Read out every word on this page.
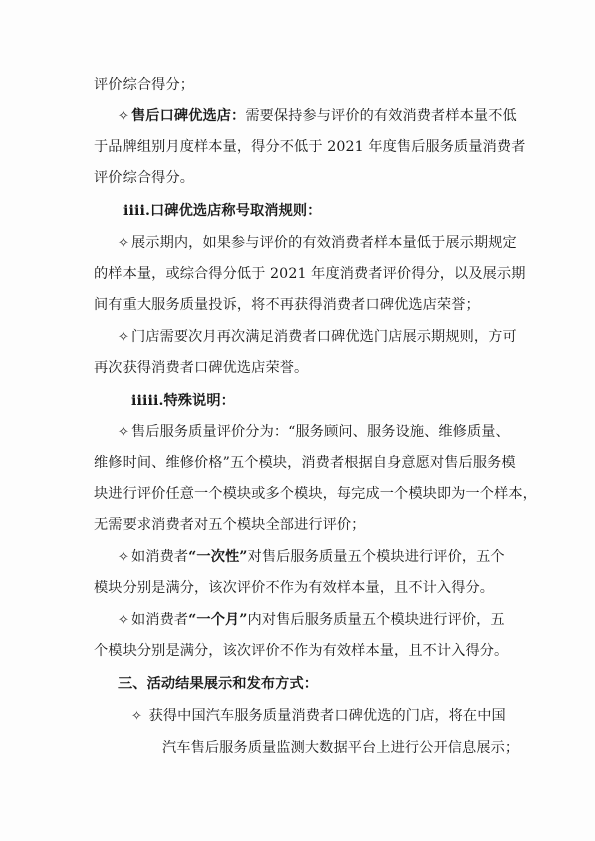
评价综合得分；
✧ 售后口碑优选店：需要保持参与评价的有效消费者样本量不低
于品牌组别月度样本量，得分不低于 2021 年度售后服务质量消费者
评价综合得分。
iiii.口碑优选店称号取消规则：
✧ 展示期内，如果参与评价的有效消费者样本量低于展示期规定
的样本量，或综合得分低于 2021 年度消费者评价得分，以及展示期
间有重大服务质量投诉，将不再获得消费者口碑优选店荣誉；
✧ 门店需要次月再次满足消费者口碑优选门店展示期规则，方可
再次获得消费者口碑优选店荣誉。
iiiii.特殊说明：
✧ 售后服务质量评价分为：“服务顾问、服务设施、维修质量、
维修时间、维修价格”五个模块，消费者根据自身意愿对售后服务模
块进行评价任意一个模块或多个模块，每完成一个模块即为一个样本，
无需要求消费者对五个模块全部进行评价；
✧ 如消费者“一次性”对售后服务质量五个模块进行评价，五个
模块分别是满分，该次评价不作为有效样本量，且不计入得分。
✧ 如消费者“一个月”内对售后服务质量五个模块进行评价，五
个模块分别是满分，该次评价不作为有效样本量，且不计入得分。
三、活动结果展示和发布方式：
✧ 获得中国汽车服务质量消费者口碑优选的门店，将在中国
汽车售后服务质量监测大数据平台上进行公开信息展示；
